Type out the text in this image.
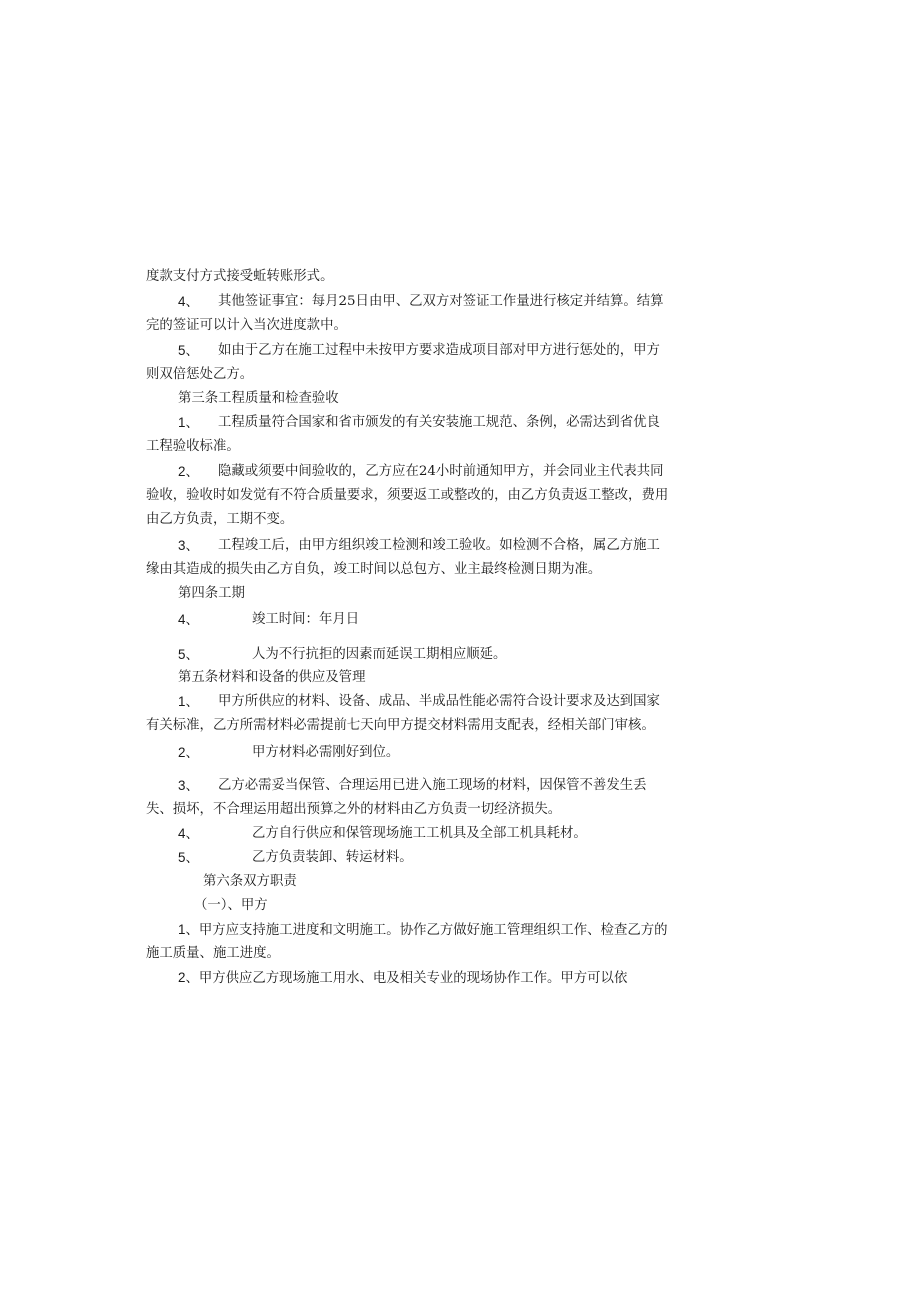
度款支付方式接受蚯转账形式。
4、 其他签证事宜：每月25日由甲、乙双方对签证工作量进行核定并结算。结算
完的签证可以计入当次进度款中。
5、 如由于乙方在施工过程中未按甲方要求造成项目部对甲方进行惩处的，甲方
则双倍惩处乙方。
第三条工程质量和检查验收
1、 工程质量符合国家和省市颁发的有关安装施工规范、条例，必需达到省优良
工程验收标准。
2、 隐藏或须要中间验收的，乙方应在24小时前通知甲方，并会同业主代表共同
验收，验收时如发觉有不符合质量要求，须要返工或整改的，由乙方负责返工整改，费用
由乙方负责，工期不变。
3、 工程竣工后，由甲方组织竣工检测和竣工验收。如检测不合格，属乙方施工
缘由其造成的损失由乙方自负，竣工时间以总包方、业主最终检测日期为准。
第四条工期
4、	竣工时间：年月日
5、	人为不行抗拒的因素而延误工期相应顺延。
第五条材料和设备的供应及管理
1、 甲方所供应的材料、设备、成品、半成品性能必需符合设计要求及达到国家
有关标准，乙方所需材料必需提前七天向甲方提交材料需用支配表，经相关部门审核。
2、	甲方材料必需刚好到位。
3、 乙方必需妥当保管、合理运用已进入施工现场的材料，因保管不善发生丢
失、损坏，不合理运用超出预算之外的材料由乙方负责一切经济损失。
4、	乙方自行供应和保管现场施工工机具及全部工机具耗材。
5、	乙方负责装卸、转运材料。
第六条双方职责
（一）、甲方
1、甲方应支持施工进度和文明施工。协作乙方做好施工管理组织工作、检查乙方的
施工质量、施工进度。
2、甲方供应乙方现场施工用水、电及相关专业的现场协作工作。甲方可以依
